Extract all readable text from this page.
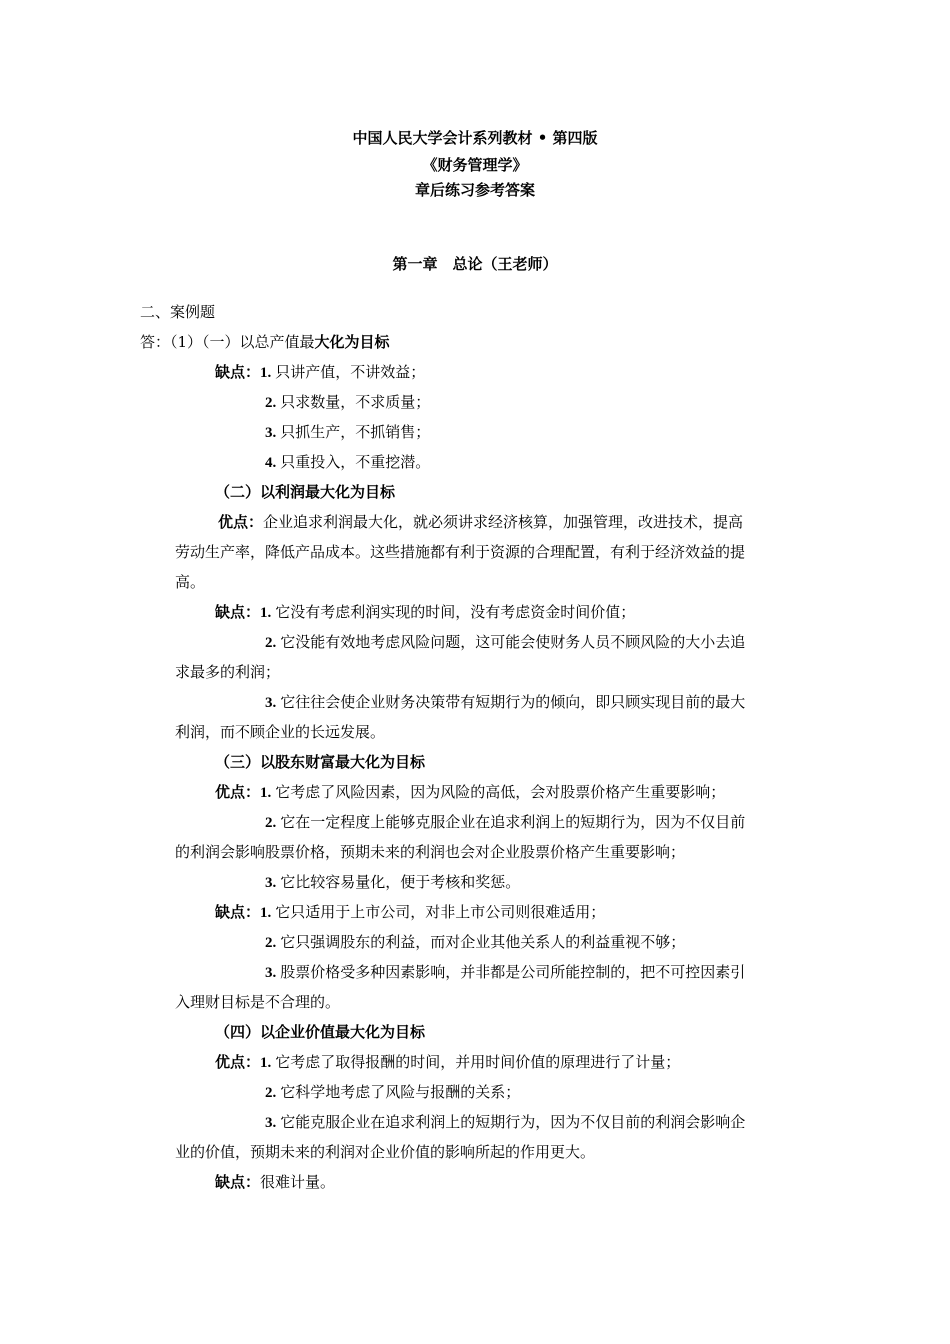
中国人民大学会计系列教材 • 第四版
《财务管理学》
章后练习参考答案
第一章　总论（王老师）
二、案例题
答：（1）（一）以总产值最大化为目标
缺点：1. 只讲产值，不讲效益；
2. 只求数量，不求质量；
3. 只抓生产，不抓销售；
4. 只重投入，不重挖潜。
（二）以利润最大化为目标
优点：企业追求利润最大化，就必须讲求经济核算，加强管理，改进技术，提高
劳动生产率，降低产品成本。这些措施都有利于资源的合理配置，有利于经济效益的提
高。
缺点：1. 它没有考虑利润实现的时间，没有考虑资金时间价值；
2. 它没能有效地考虑风险问题，这可能会使财务人员不顾风险的大小去追
求最多的利润；
3. 它往往会使企业财务决策带有短期行为的倾向，即只顾实现目前的最大
利润，而不顾企业的长远发展。
（三）以股东财富最大化为目标
优点：1. 它考虑了风险因素，因为风险的高低，会对股票价格产生重要影响；
2. 它在一定程度上能够克服企业在追求利润上的短期行为，因为不仅目前
的利润会影响股票价格，预期未来的利润也会对企业股票价格产生重要影响；
3. 它比较容易量化，便于考核和奖惩。
缺点：1. 它只适用于上市公司，对非上市公司则很难适用；
2. 它只强调股东的利益，而对企业其他关系人的利益重视不够；
3. 股票价格受多种因素影响，并非都是公司所能控制的，把不可控因素引
入理财目标是不合理的。
（四）以企业价值最大化为目标
优点：1. 它考虑了取得报酬的时间，并用时间价值的原理进行了计量；
2. 它科学地考虑了风险与报酬的关系；
3. 它能克服企业在追求利润上的短期行为，因为不仅目前的利润会影响企
业的价值，预期未来的利润对企业价值的影响所起的作用更大。
缺点：很难计量。
